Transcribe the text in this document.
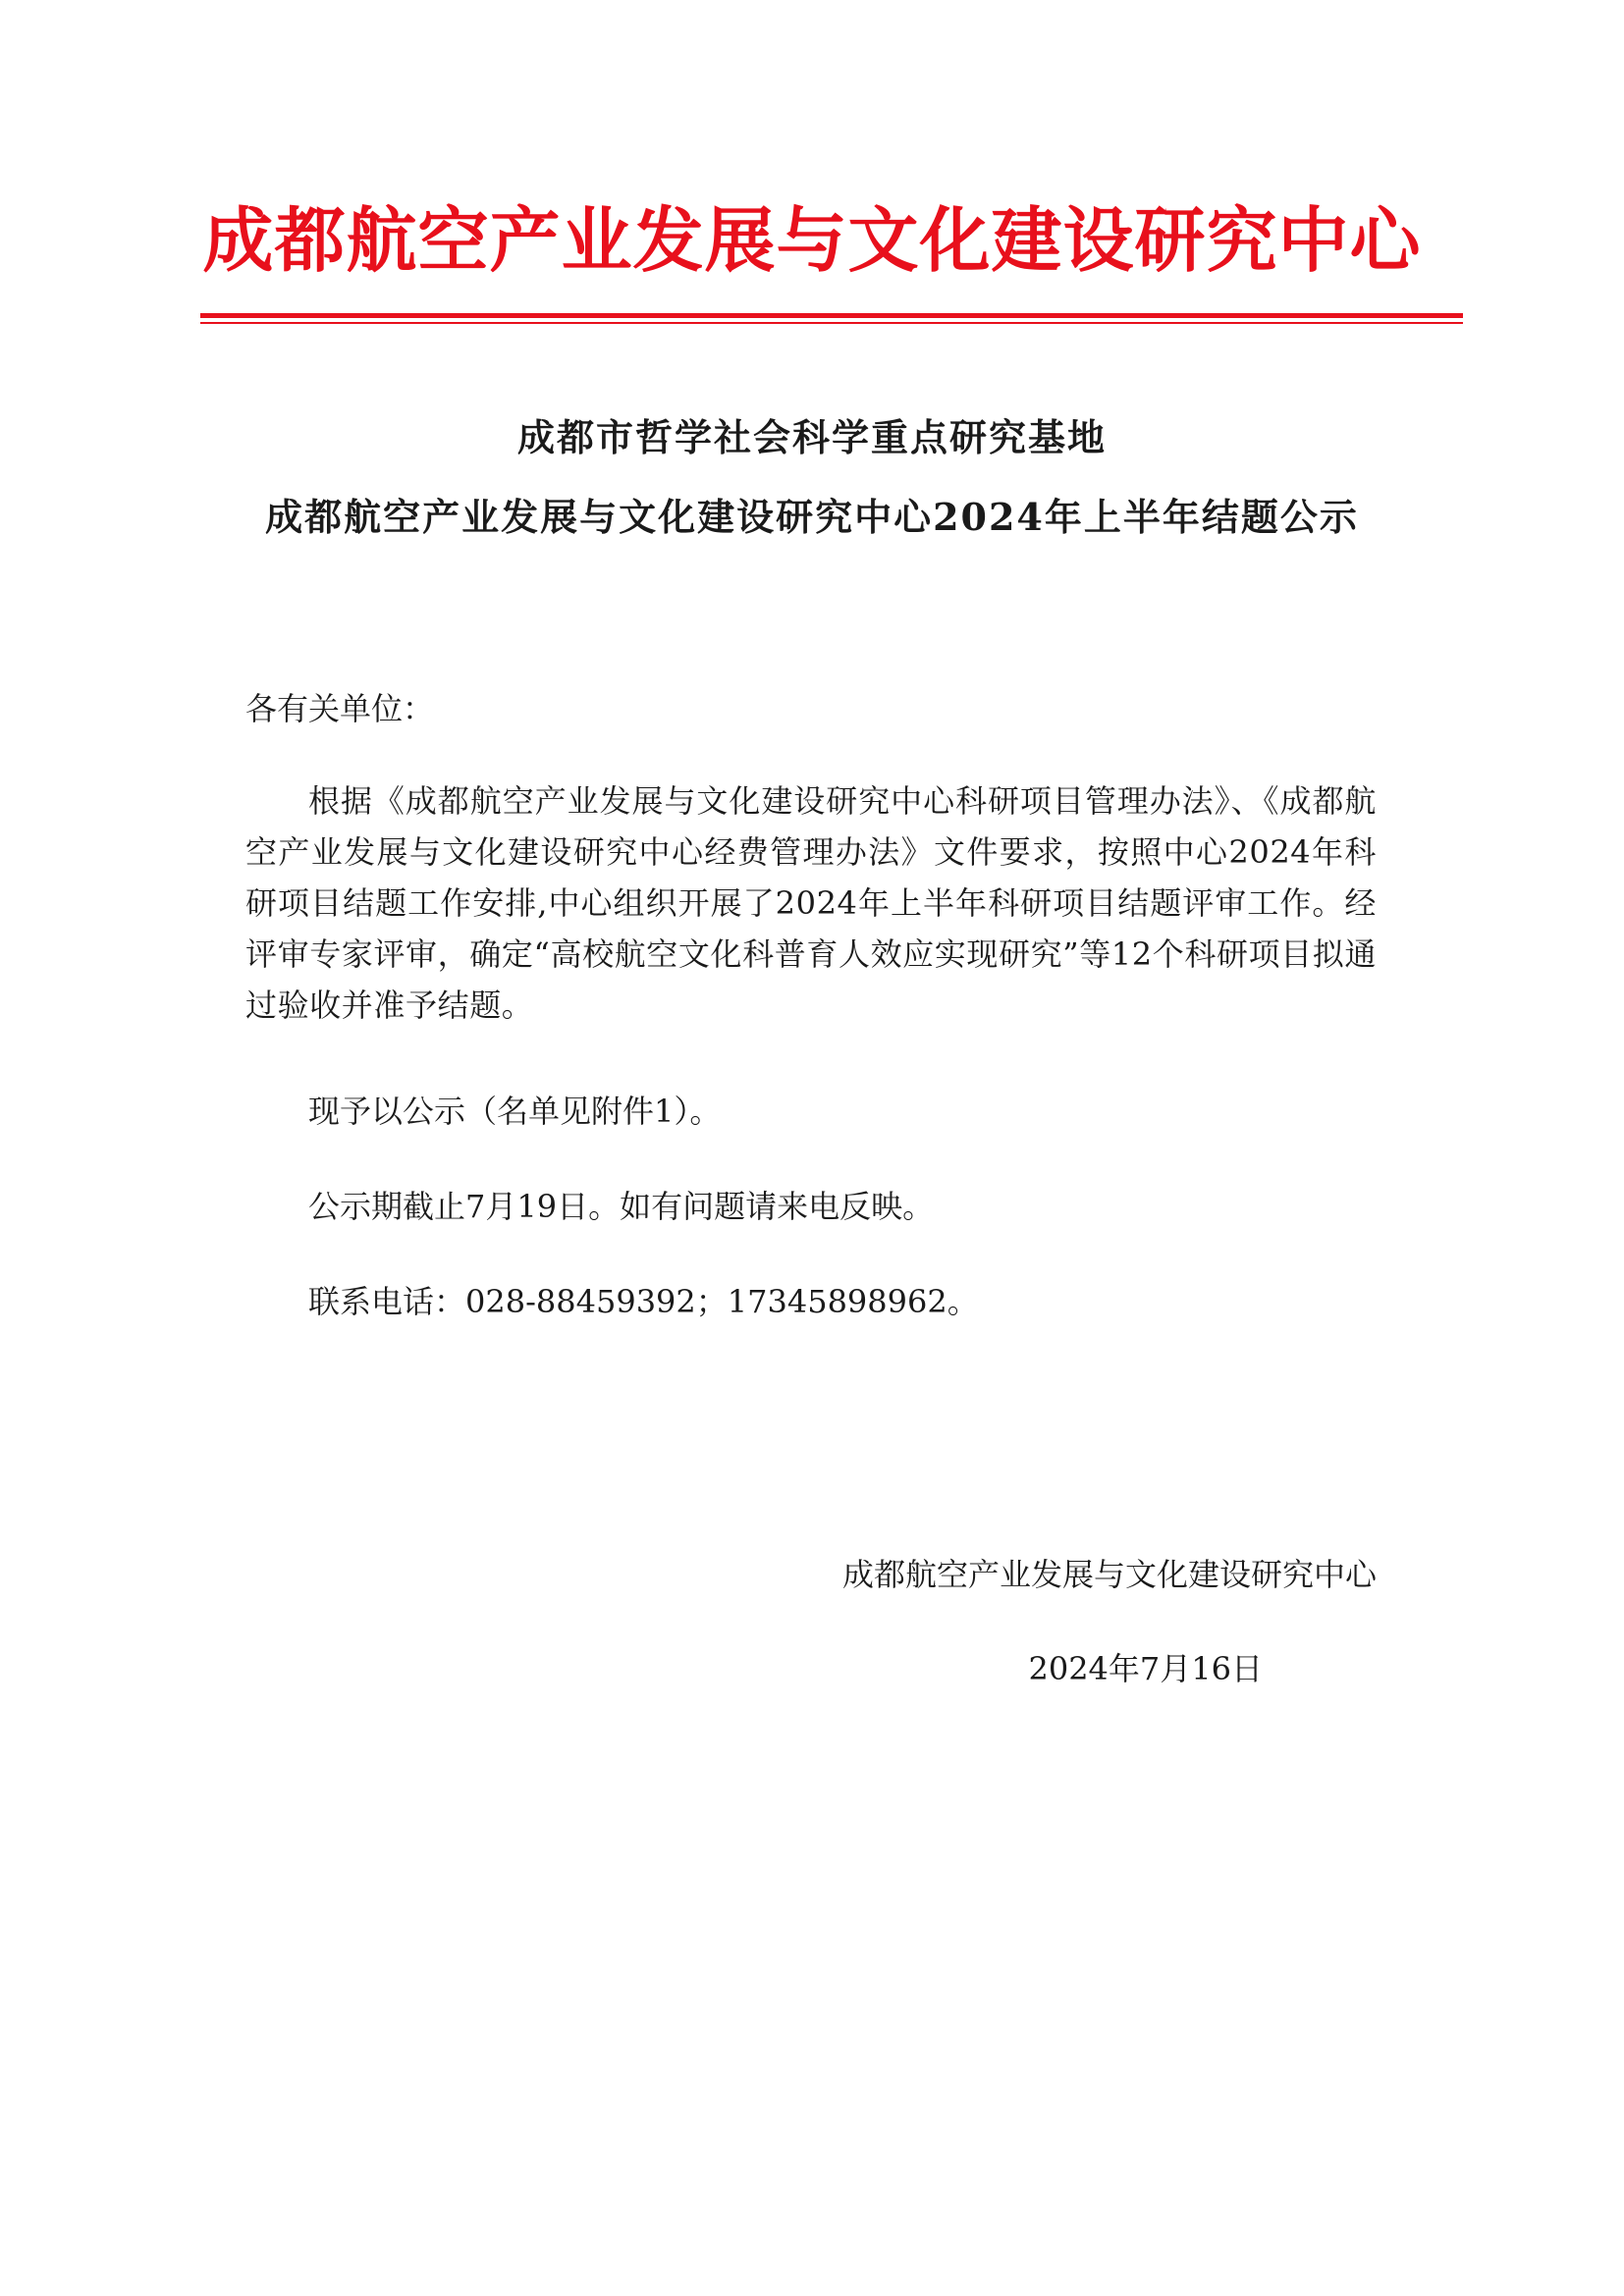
成都航空产业发展与文化建设研究中心
成都市哲学社会科学重点研究基地
成都航空产业发展与文化建设研究中心2024年上半年结题公示
各有关单位：
根据《成都航空产业发展与文化建设研究中心科研项目管理办法》、《成都航空产业发展与文化建设研究中心经费管理办法》文件要求，按照中心2024年科研项目结题工作安排,中心组织开展了2024年上半年科研项目结题评审工作。经评审专家评审，确定“高校航空文化科普育人效应实现研究”等12个科研项目拟通过验收并准予结题。
现予以公示（名单见附件1）。
公示期截止7月19日。如有问题请来电反映。
联系电话：028-88459392；17345898962。
成都航空产业发展与文化建设研究中心
2024年7月16日
